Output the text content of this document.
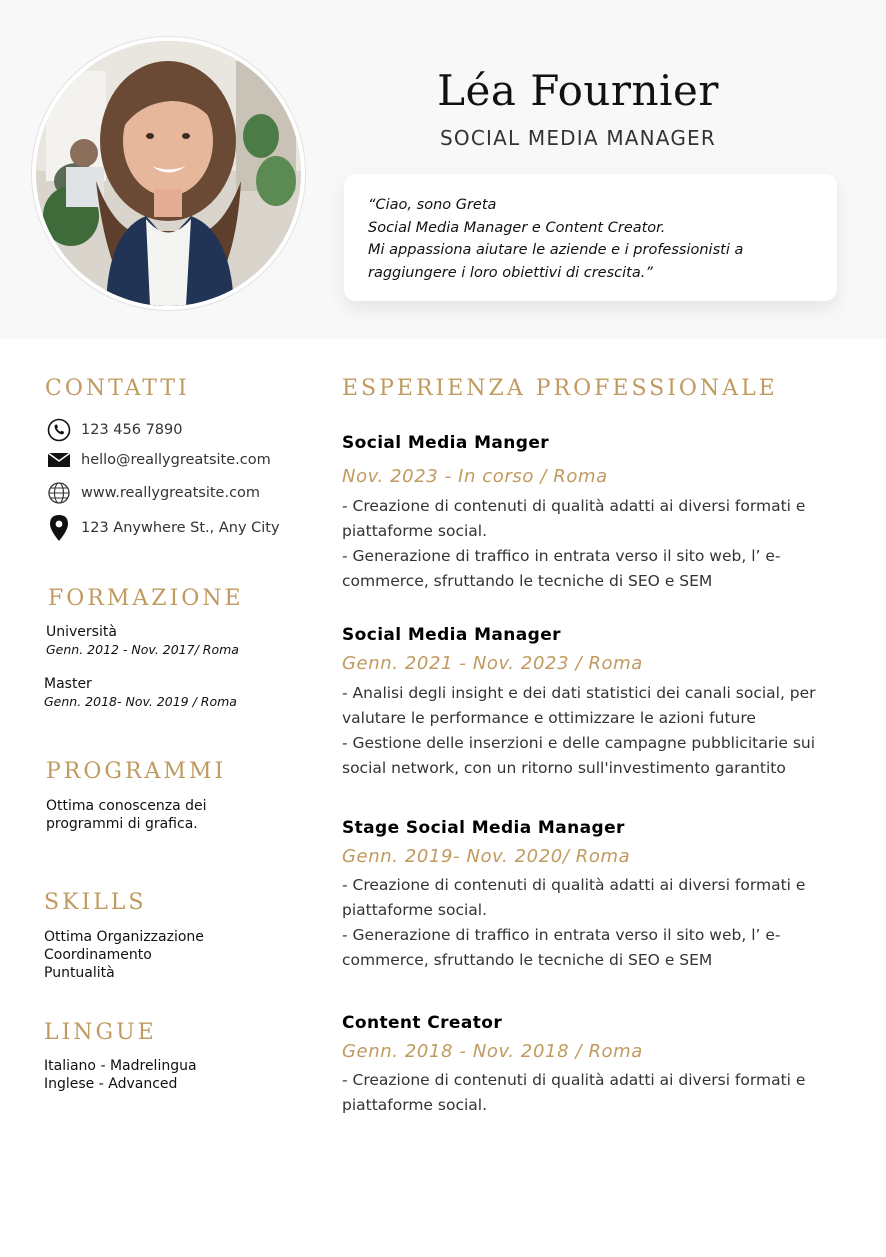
Léa Fournier
SOCIAL MEDIA MANAGER

“Ciao, sono Greta
Social Media Manager e Content Creator.
Mi appassiona aiutare le aziende e i professionisti a raggiungere i loro obiettivi di crescita.”

CONTATTI
123 456 7890
hello@reallygreatsite.com
www.reallygreatsite.com
123 Anywhere St., Any City
FORMAZIONE
Università
Genn. 2012 - Nov. 2017/ Roma
Master
Genn. 2018- Nov. 2019 / Roma
PROGRAMMI
Ottima conoscenza dei
programmi di grafica.
SKILLS
Ottima Organizzazione
Coordinamento
Puntualità
LINGUE
Italiano - Madrelingua
Inglese - Advanced
ESPERIENZA PROFESSIONALE
Social Media Manger
Nov. 2023 - In corso / Roma
- Creazione di contenuti di qualità adatti ai diversi formati e piattaforme social.
- Generazione di traffico in entrata verso il sito web, l’ e-commerce, sfruttando le tecniche di SEO e SEM
Social Media Manager
Genn. 2021 - Nov. 2023 / Roma
- Analisi degli insight e dei dati statistici dei canali social, per valutare le performance e ottimizzare le azioni future
- Gestione delle inserzioni e delle campagne pubblicitarie sui social network, con un ritorno sull'investimento garantito
Stage Social Media Manager
Genn. 2019- Nov. 2020/ Roma
- Creazione di contenuti di qualità adatti ai diversi formati e piattaforme social.
- Generazione di traffico in entrata verso il sito web, l’ e-commerce, sfruttando le tecniche di SEO e SEM
Content Creator
Genn. 2018 - Nov. 2018 / Roma
- Creazione di contenuti di qualità adatti ai diversi formati e piattaforme social.
